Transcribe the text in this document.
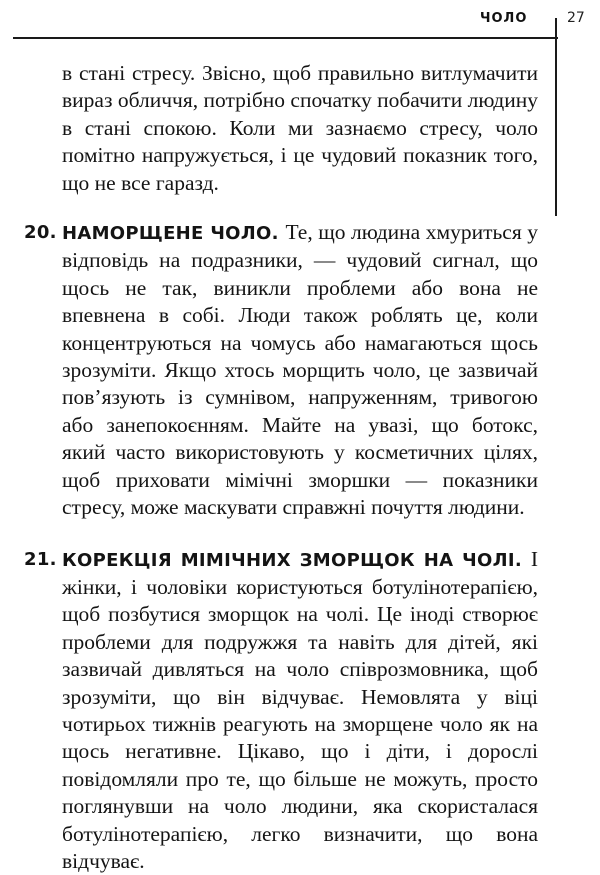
ЧОЛО	27
в стані стресу. Звісно, щоб правильно витлумачити вираз обличчя, потрібно спочатку побачити людину в стані спокою. Коли ми зазнаємо стресу, чоло помітно напружується, і це чудовий показник того, що не все гаразд.
20. НАМОРЩЕНЕ ЧОЛО. Те, що людина хмуриться у відповідь на подразники, — чудовий сигнал, що щось не так, виникли проблеми або вона не впевнена в собі. Люди також роблять це, коли концентруються на чомусь або намагаються щось зрозуміти. Якщо хтось морщить чоло, це зазвичай пов’язують із сумнівом, напруженням, тривогою або занепокоєнням. Майте на увазі, що ботокс, який часто використовують у косметичних цілях, щоб приховати мімічні зморшки — показники стресу, може маскувати справжні почуття людини.
21. КОРЕКЦІЯ МІМІЧНИХ ЗМОРЩОК НА ЧОЛІ. І жінки, і чоловіки користуються ботулінотерапією, щоб позбутися зморщок на чолі. Це іноді створює проблеми для подружжя та навіть для дітей, які зазвичай дивляться на чоло співрозмовника, щоб зрозуміти, що він відчуває. Немовлята у віці чотирьох тижнів реагують на зморщене чоло як на щось негативне. Цікаво, що і діти, і дорослі повідомляли про те, що більше не можуть, просто поглянувши на чоло людини, яка скористалася ботулінотерапією, легко визначити, що вона відчуває.
